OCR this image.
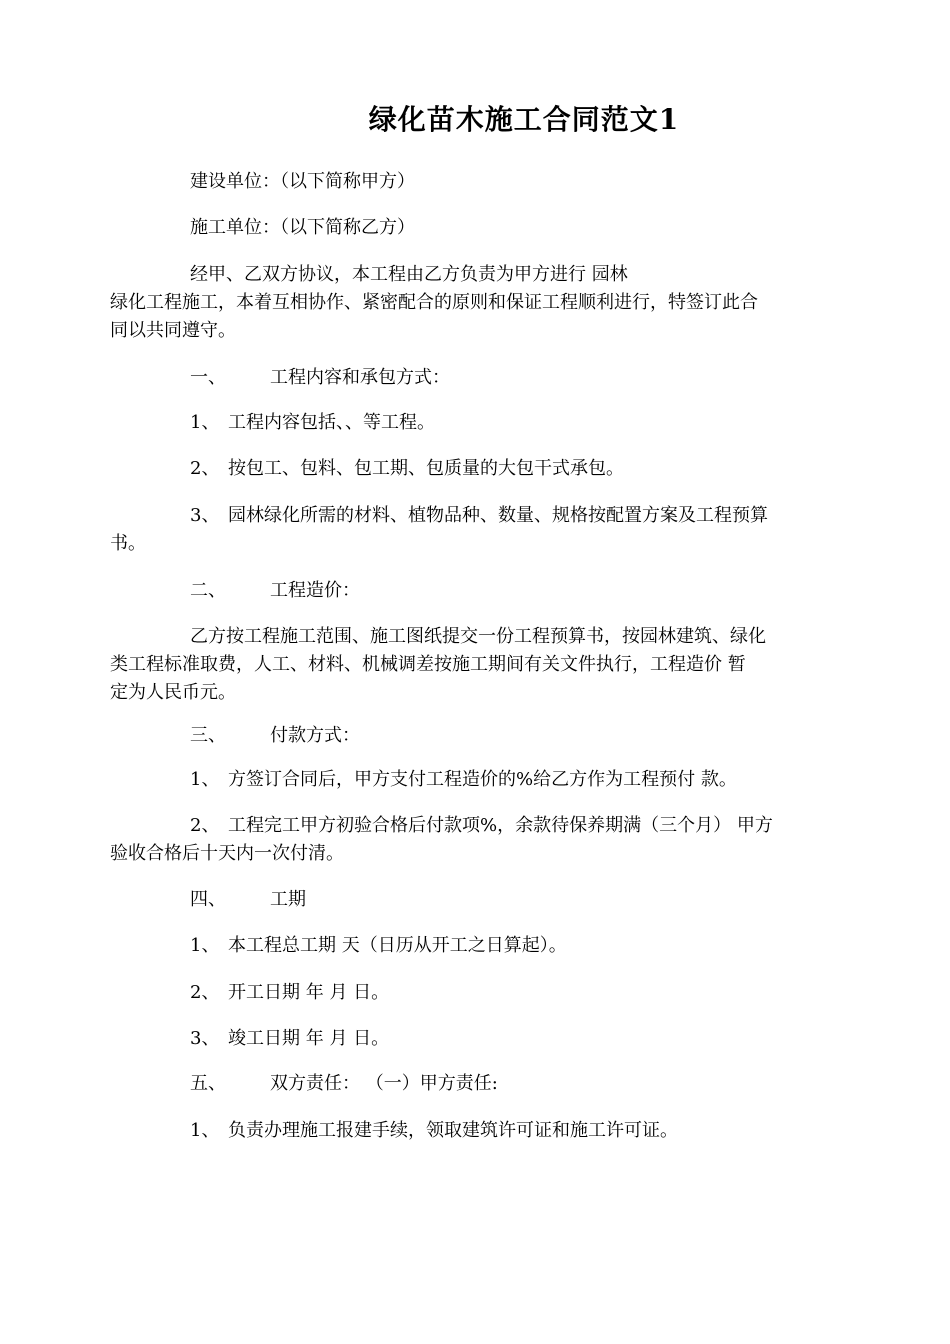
绿化苗木施工合同范文1

建设单位：（以下简称甲方）

施工单位：（以下简称乙方）

经甲、乙双方协议，本工程由乙方负责为甲方进行 园林

绿化工程施工，本着互相协作、紧密配合的原则和保证工程顺利进行，特签订此合

同以共同遵守。

一、 工程内容和承包方式：

1、 工程内容包括、、等工程。

2、 按包工、包料、包工期、包质量的大包干式承包。

3、 园林绿化所需的材料、植物品种、数量、规格按配置方案及工程预算

书。

二、 工程造价：

乙方按工程施工范围、施工图纸提交一份工程预算书，按园林建筑、绿化

类工程标准取费，人工、材料、机械调差按施工期间有关文件执行，工程造价 暂

定为人民币元。

三、 付款方式：

1、 方签订合同后，甲方支付工程造价的%给乙方作为工程预付 款。

2、 工程完工甲方初验合格后付款项%，余款待保养期满（三个月） 甲方

验收合格后十天内一次付清。

四、 工期

1、 本工程总工期 天（日历从开工之日算起）。

2、 开工日期 年 月 日。

3、 竣工日期 年 月 日。

五、 双方责任： （一）甲方责任:

1、 负责办理施工报建手续，领取建筑许可证和施工许可证。
